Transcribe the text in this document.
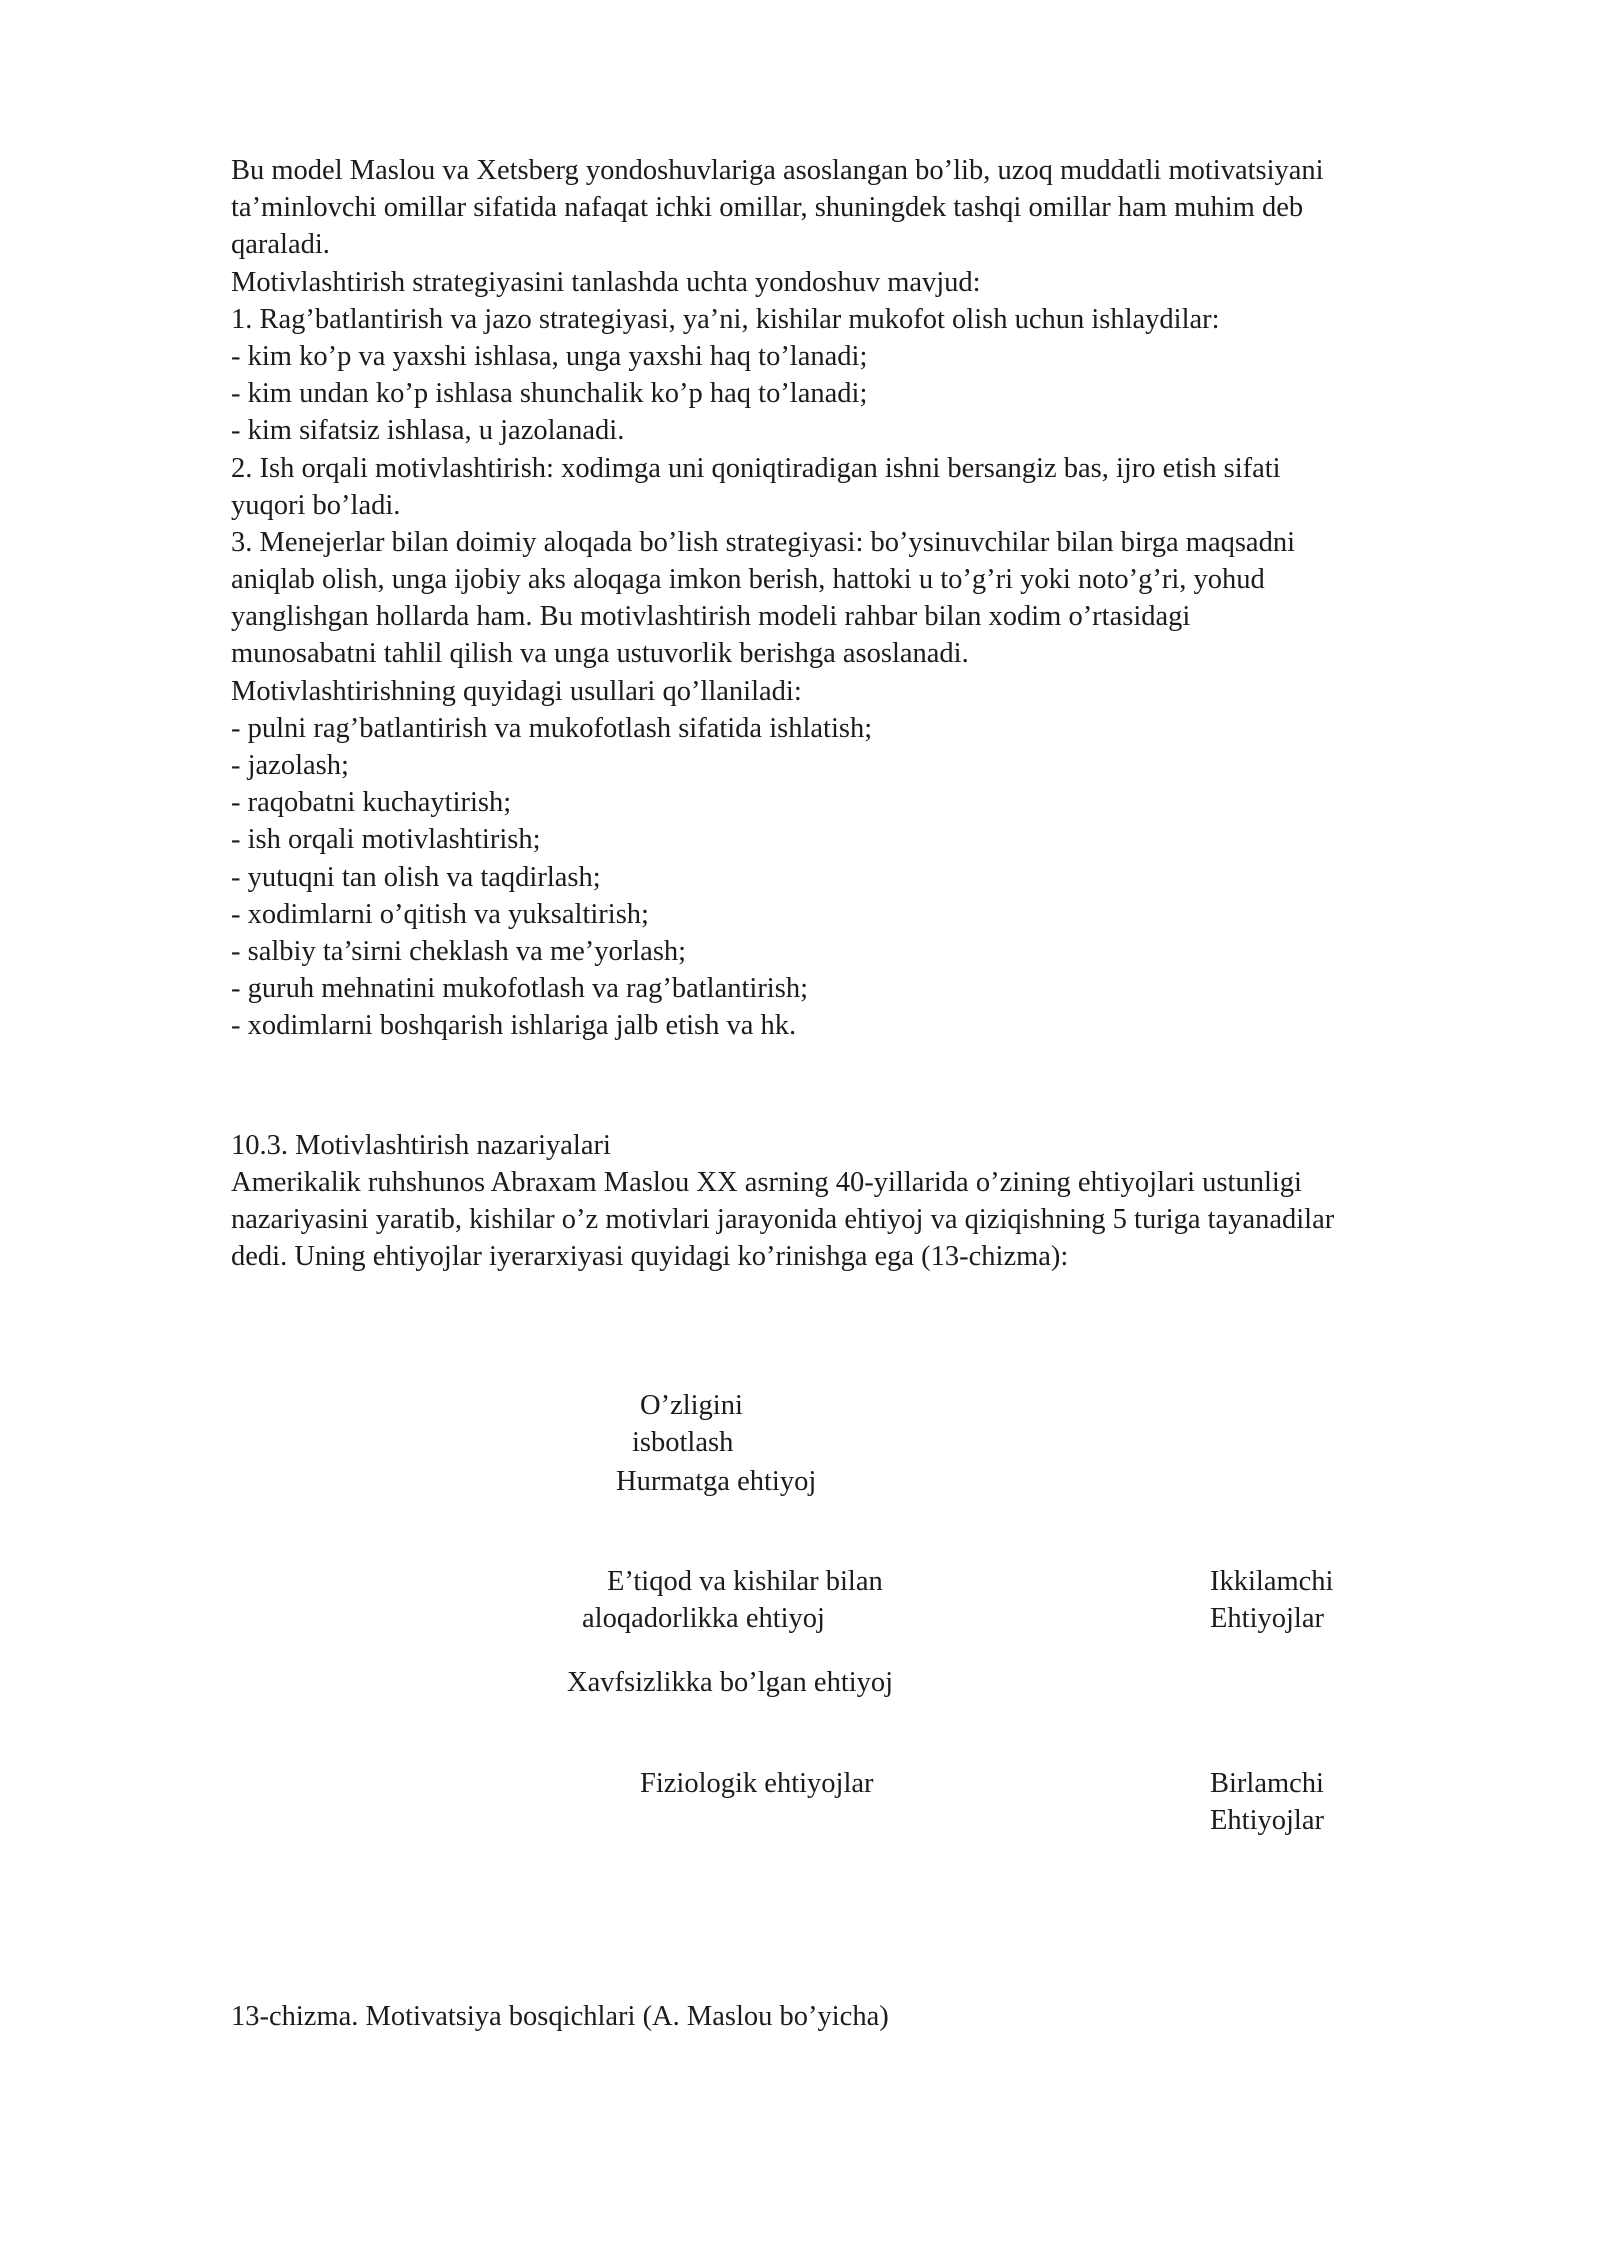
Bu model Maslou va Xetsberg yondoshuvlariga asoslangan bo’lib, uzoq muddatli motivatsiyani
ta’minlovchi omillar sifatida nafaqat ichki omillar, shuningdek tashqi omillar ham muhim deb
qaraladi.
Motivlashtirish strategiyasini tanlashda uchta yondoshuv mavjud:
1. Rag’batlantirish va jazo strategiyasi, ya’ni, kishilar mukofot olish uchun ishlaydilar:
- kim ko’p va yaxshi ishlasa, unga yaxshi haq to’lanadi;
- kim undan ko’p ishlasa shunchalik ko’p haq to’lanadi;
- kim sifatsiz ishlasa, u jazolanadi.
2. Ish orqali motivlashtirish: xodimga uni qoniqtiradigan ishni bersangiz bas, ijro etish sifati
yuqori bo’ladi.
3. Menejerlar bilan doimiy aloqada bo’lish strategiyasi: bo’ysinuvchilar bilan birga maqsadni
aniqlab olish, unga ijobiy aks aloqaga imkon berish, hattoki u to’g’ri yoki noto’g’ri, yohud
yanglishgan hollarda ham. Bu motivlashtirish modeli rahbar bilan xodim o’rtasidagi
munosabatni tahlil qilish va unga ustuvorlik berishga asoslanadi.
Motivlashtirishning quyidagi usullari qo’llaniladi:
- pulni rag’batlantirish va mukofotlash sifatida ishlatish;
- jazolash;
- raqobatni kuchaytirish;
- ish orqali motivlashtirish;
- yutuqni tan olish va taqdirlash;
- xodimlarni o’qitish va yuksaltirish;
- salbiy ta’sirni cheklash va me’yorlash;
- guruh mehnatini mukofotlash va rag’batlantirish;
- xodimlarni boshqarish ishlariga jalb etish va hk.
10.3. Motivlashtirish nazariyalari
Amerikalik ruhshunos Abraxam Maslou XX asrning 40-yillarida o’zining ehtiyojlari ustunligi
nazariyasini yaratib, kishilar o’z motivlari jarayonida ehtiyoj va qiziqishning 5 turiga tayanadilar
dedi. Uning ehtiyojlar iyerarxiyasi quyidagi ko’rinishga ega (13-chizma):
O’zligini
isbotlash
Hurmatga ehtiyoj
E’tiqod va kishilar bilan
aloqadorlikka ehtiyoj
Xavfsizlikka bo’lgan ehtiyoj
Fiziologik ehtiyojlar
Ikkilamchi
Ehtiyojlar
Birlamchi
Ehtiyojlar
13-chizma. Motivatsiya bosqichlari (A. Maslou bo’yicha)
